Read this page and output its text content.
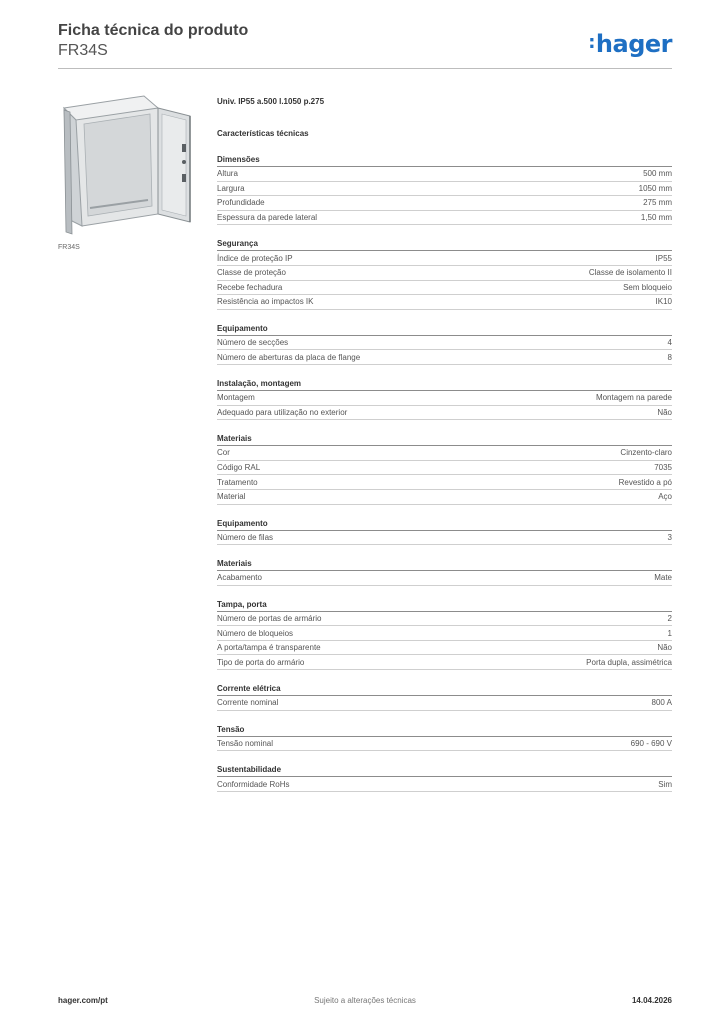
Ficha técnica do produto
FR34S	:hager
FR34S
Univ. IP55 a.500 l.1050 p.275
Características técnicas
Dimensões
Altura	500 mm
Largura	1050 mm
Profundidade	275 mm
Espessura da parede lateral	1,50 mm
Segurança
Índice de proteção IP	IP55
Classe de proteção	Classe de isolamento II
Recebe fechadura	Sem bloqueio
Resistência ao impactos IK	IK10
Equipamento
Número de secções	4
Número de aberturas da placa de flange	8
Instalação, montagem
Montagem	Montagem na parede
Adequado para utilização no exterior	Não
Materiais
Cor	Cinzento-claro
Código RAL	7035
Tratamento	Revestido a pó
Material	Aço
Equipamento
Número de filas	3
Materiais
Acabamento	Mate
Tampa, porta
Número de portas de armário	2
Número de bloqueios	1
A porta/tampa é transparente	Não
Tipo de porta do armário	Porta dupla, assimétrica
Corrente elétrica
Corrente nominal	800 A
Tensão
Tensão nominal	690 - 690 V
Sustentabilidade
Conformidade RoHs	Sim
hager.com/pt	Sujeito a alterações técnicas	14.04.2026
